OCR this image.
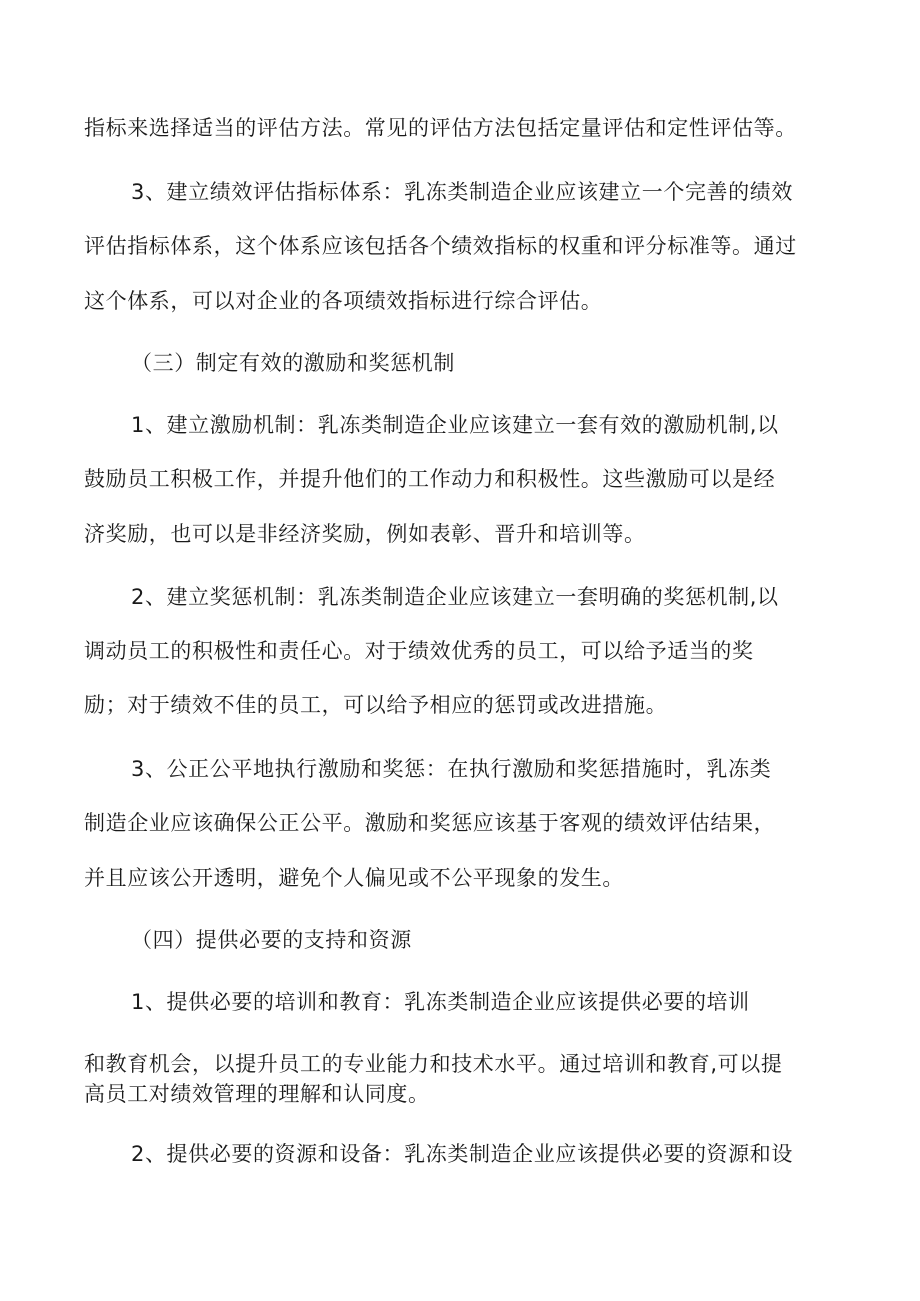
指标来选择适当的评估方法。常见的评估方法包括定量评估和定性评估等。
3、建立绩效评估指标体系：乳冻类制造企业应该建立一个完善的绩效
评估指标体系，这个体系应该包括各个绩效指标的权重和评分标准等。通过
这个体系，可以对企业的各项绩效指标进行综合评估。
（三）制定有效的激励和奖惩机制
1、建立激励机制：乳冻类制造企业应该建立一套有效的激励机制,以
鼓励员工积极工作，并提升他们的工作动力和积极性。这些激励可以是经
济奖励，也可以是非经济奖励，例如表彰、晋升和培训等。
2、建立奖惩机制：乳冻类制造企业应该建立一套明确的奖惩机制,以
调动员工的积极性和责任心。对于绩效优秀的员工，可以给予适当的奖
励；对于绩效不佳的员工，可以给予相应的惩罚或改进措施。
3、公正公平地执行激励和奖惩：在执行激励和奖惩措施时，乳冻类
制造企业应该确保公正公平。激励和奖惩应该基于客观的绩效评估结果，
并且应该公开透明，避免个人偏见或不公平现象的发生。
（四）提供必要的支持和资源
1、提供必要的培训和教育：乳冻类制造企业应该提供必要的培训
和教育机会，以提升员工的专业能力和技术水平。通过培训和教育,可以提
高员工对绩效管理的理解和认同度。
2、提供必要的资源和设备：乳冻类制造企业应该提供必要的资源和设
